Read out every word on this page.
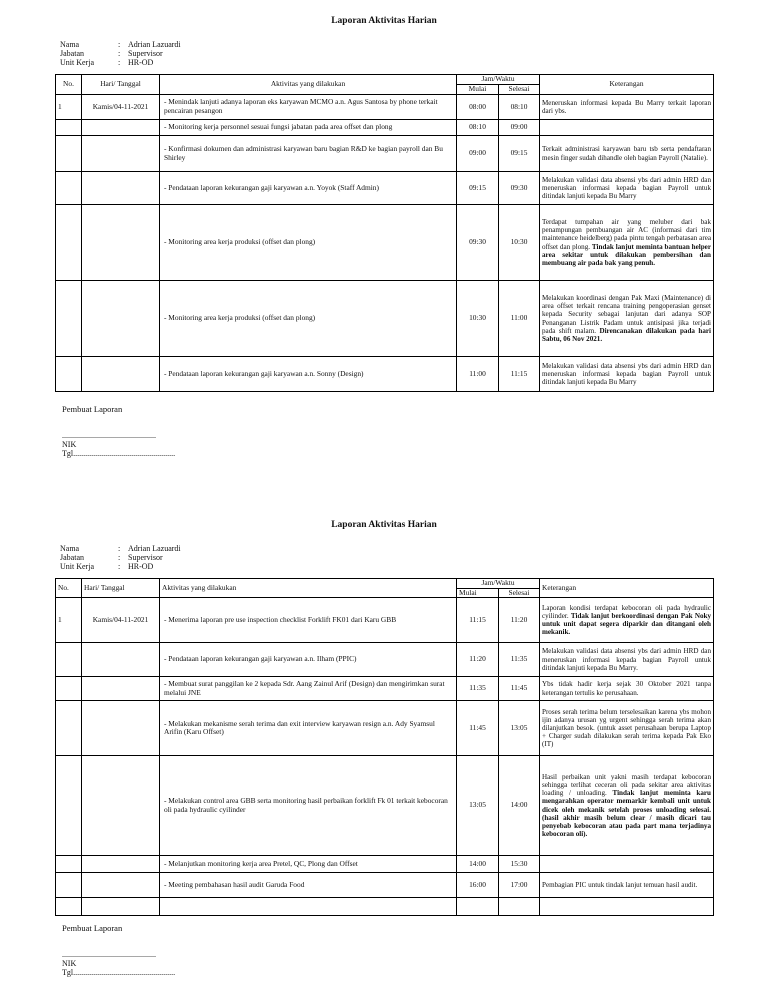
Laporan Aktivitas Harian
Nama	: Adrian Lazuardi
Jabatan	: Supervisor
Unit Kerja	: HR-OD
No.	Hari/ Tanggal	Aktivitas yang dilakukan	Jam/Waktu		Keterangan
			Mulai	Selesai	
1	Kamis/04-11-2021	- Menindak lanjuti adanya laporan eks karyawan MCMO a.n. Agus Santosa by phone terkait pencairan pesangon	08:00	08:10	Meneruskan informasi kepada Bu Marry terkait laporan dari ybs.
		- Monitoring kerja personnel sesuai fungsi jabatan pada area offset dan plong	08:10	09:00	
		- Konfirmasi dokumen dan administrasi karyawan baru bagian R&D ke bagian payroll dan Bu Shirley	09:00	09:15	Terkait administrasi karyawan baru tsb serta pendaftaran mesin finger sudah dihandle oleh bagian Payroll (Natalie).
		- Pendataan laporan kekurangan gaji karyawan a.n. Yoyok (Staff Admin)	09:15	09:30	Melakukan validasi data absensi ybs dari admin HRD dan meneruskan informasi kepada bagian Payroll untuk ditindak lanjuti kepada Bu Marry
		- Monitoring area kerja produksi (offset dan plong)	09:30	10:30	Terdapat tumpahan air yang meluber dari bak penampungan pembuangan air AC (informasi dari tim maintenance heidelberg) pada pintu tengah perbatasan area offset dan plong. Tindak lanjut meminta bantuan helper area sekitar untuk dilakukan pembersihan dan membuang air pada bak yang penuh.
		- Monitoring area kerja produksi (offset dan plong)	10:30	11:00	Melakukan koordinasi dengan Pak Maxi (Maintenance) di area offset terkait rencana training pengoperasian genset kepada Security sebagai lanjutan dari adanya SOP Penanganan Listrik Padam untuk antisipasi jika terjadi pada shift malam. Direncanakan dilakukan pada hari Sabtu, 06 Nov 2021.
		- Pendataan laporan kekurangan gaji karyawan a.n. Sonny (Design)	11:00	11:15	Melakukan validasi data absensi ybs dari admin HRD dan meneruskan informasi kepada bagian Payroll untuk ditindak lanjuti kepada Bu Marry
Pembuat Laporan
...............................................
NIK
Tgl...................................................
Laporan Aktivitas Harian
Nama	: Adrian Lazuardi
Jabatan	: Supervisor
Unit Kerja	: HR-OD
No.	Hari/ Tanggal	Aktivitas yang dilakukan	Jam/Waktu		Keterangan
			Mulai	Selesai	
1	Kamis/04-11-2021	- Menerima laporan pre use inspection checklist Forklift FK01 dari Karu GBB	11:15	11:20	Laporan kondisi terdapat kebocoran oli pada hydraulic cyilinder. Tidak lanjut berkoordinasi dengan Pak Noky untuk unit dapat segera diparkir dan ditangani oleh mekanik.
		- Pendataan laporan kekurangan gaji karyawan a.n. Ilham (PPIC)	11:20	11:35	Melakukan validasi data absensi ybs dari admin HRD dan meneruskan informasi kepada bagian Payroll untuk ditindak lanjuti kepada Bu Marry.
		- Membuat surat panggilan ke 2 kepada Sdr. Aang Zainul Arif (Design) dan mengirimkan surat melalui JNE	11:35	11:45	Ybs tidak hadir kerja sejak 30 Oktober 2021 tanpa keterangan tertulis ke perusahaan.
		- Melakukan mekanisme serah terima dan exit interview karyawan resign a.n. Ady Syamsul Arifin (Karu Offset)	11:45	13:05	Proses serah terima belum terselesaikan karena ybs mohon ijin adanya urusan yg urgent sehingga serah terima akan dilanjutkan besok. (untuk asset perusahaan berupa Laptop + Charger sudah dilakukan serah terima kepada Pak Eko (IT)
		- Melakukan control area GBB serta monitoring hasil perbaikan forklift Fk 01 terkait kebocoran oli pada hydraulic cyilinder	13:05	14:00	Hasil perbaikan unit yakni masih terdapat kebocoran sehingga terlihat ceceran oli pada sekitar area aktivitas loading / unloading. Tindak lanjut meminta karu mengarahkan operator memarkir kembali unit untuk dicek oleh mekanik setelah proses unloading selesai. (hasil akhir masih belum clear / masih dicari tau penyebab kebocoran atau pada part mana terjadinya kebocoran oli).
		- Melanjutkan monitoring kerja area Pretel, QC, Plong dan Offset	14:00	15:30	
		- Meeting pembahasan hasil audit Garuda Food	16:00	17:00	Pembagian PIC untuk tindak lanjut temuan hasil audit.

Pembuat Laporan
...............................................
NIK
Tgl...................................................
